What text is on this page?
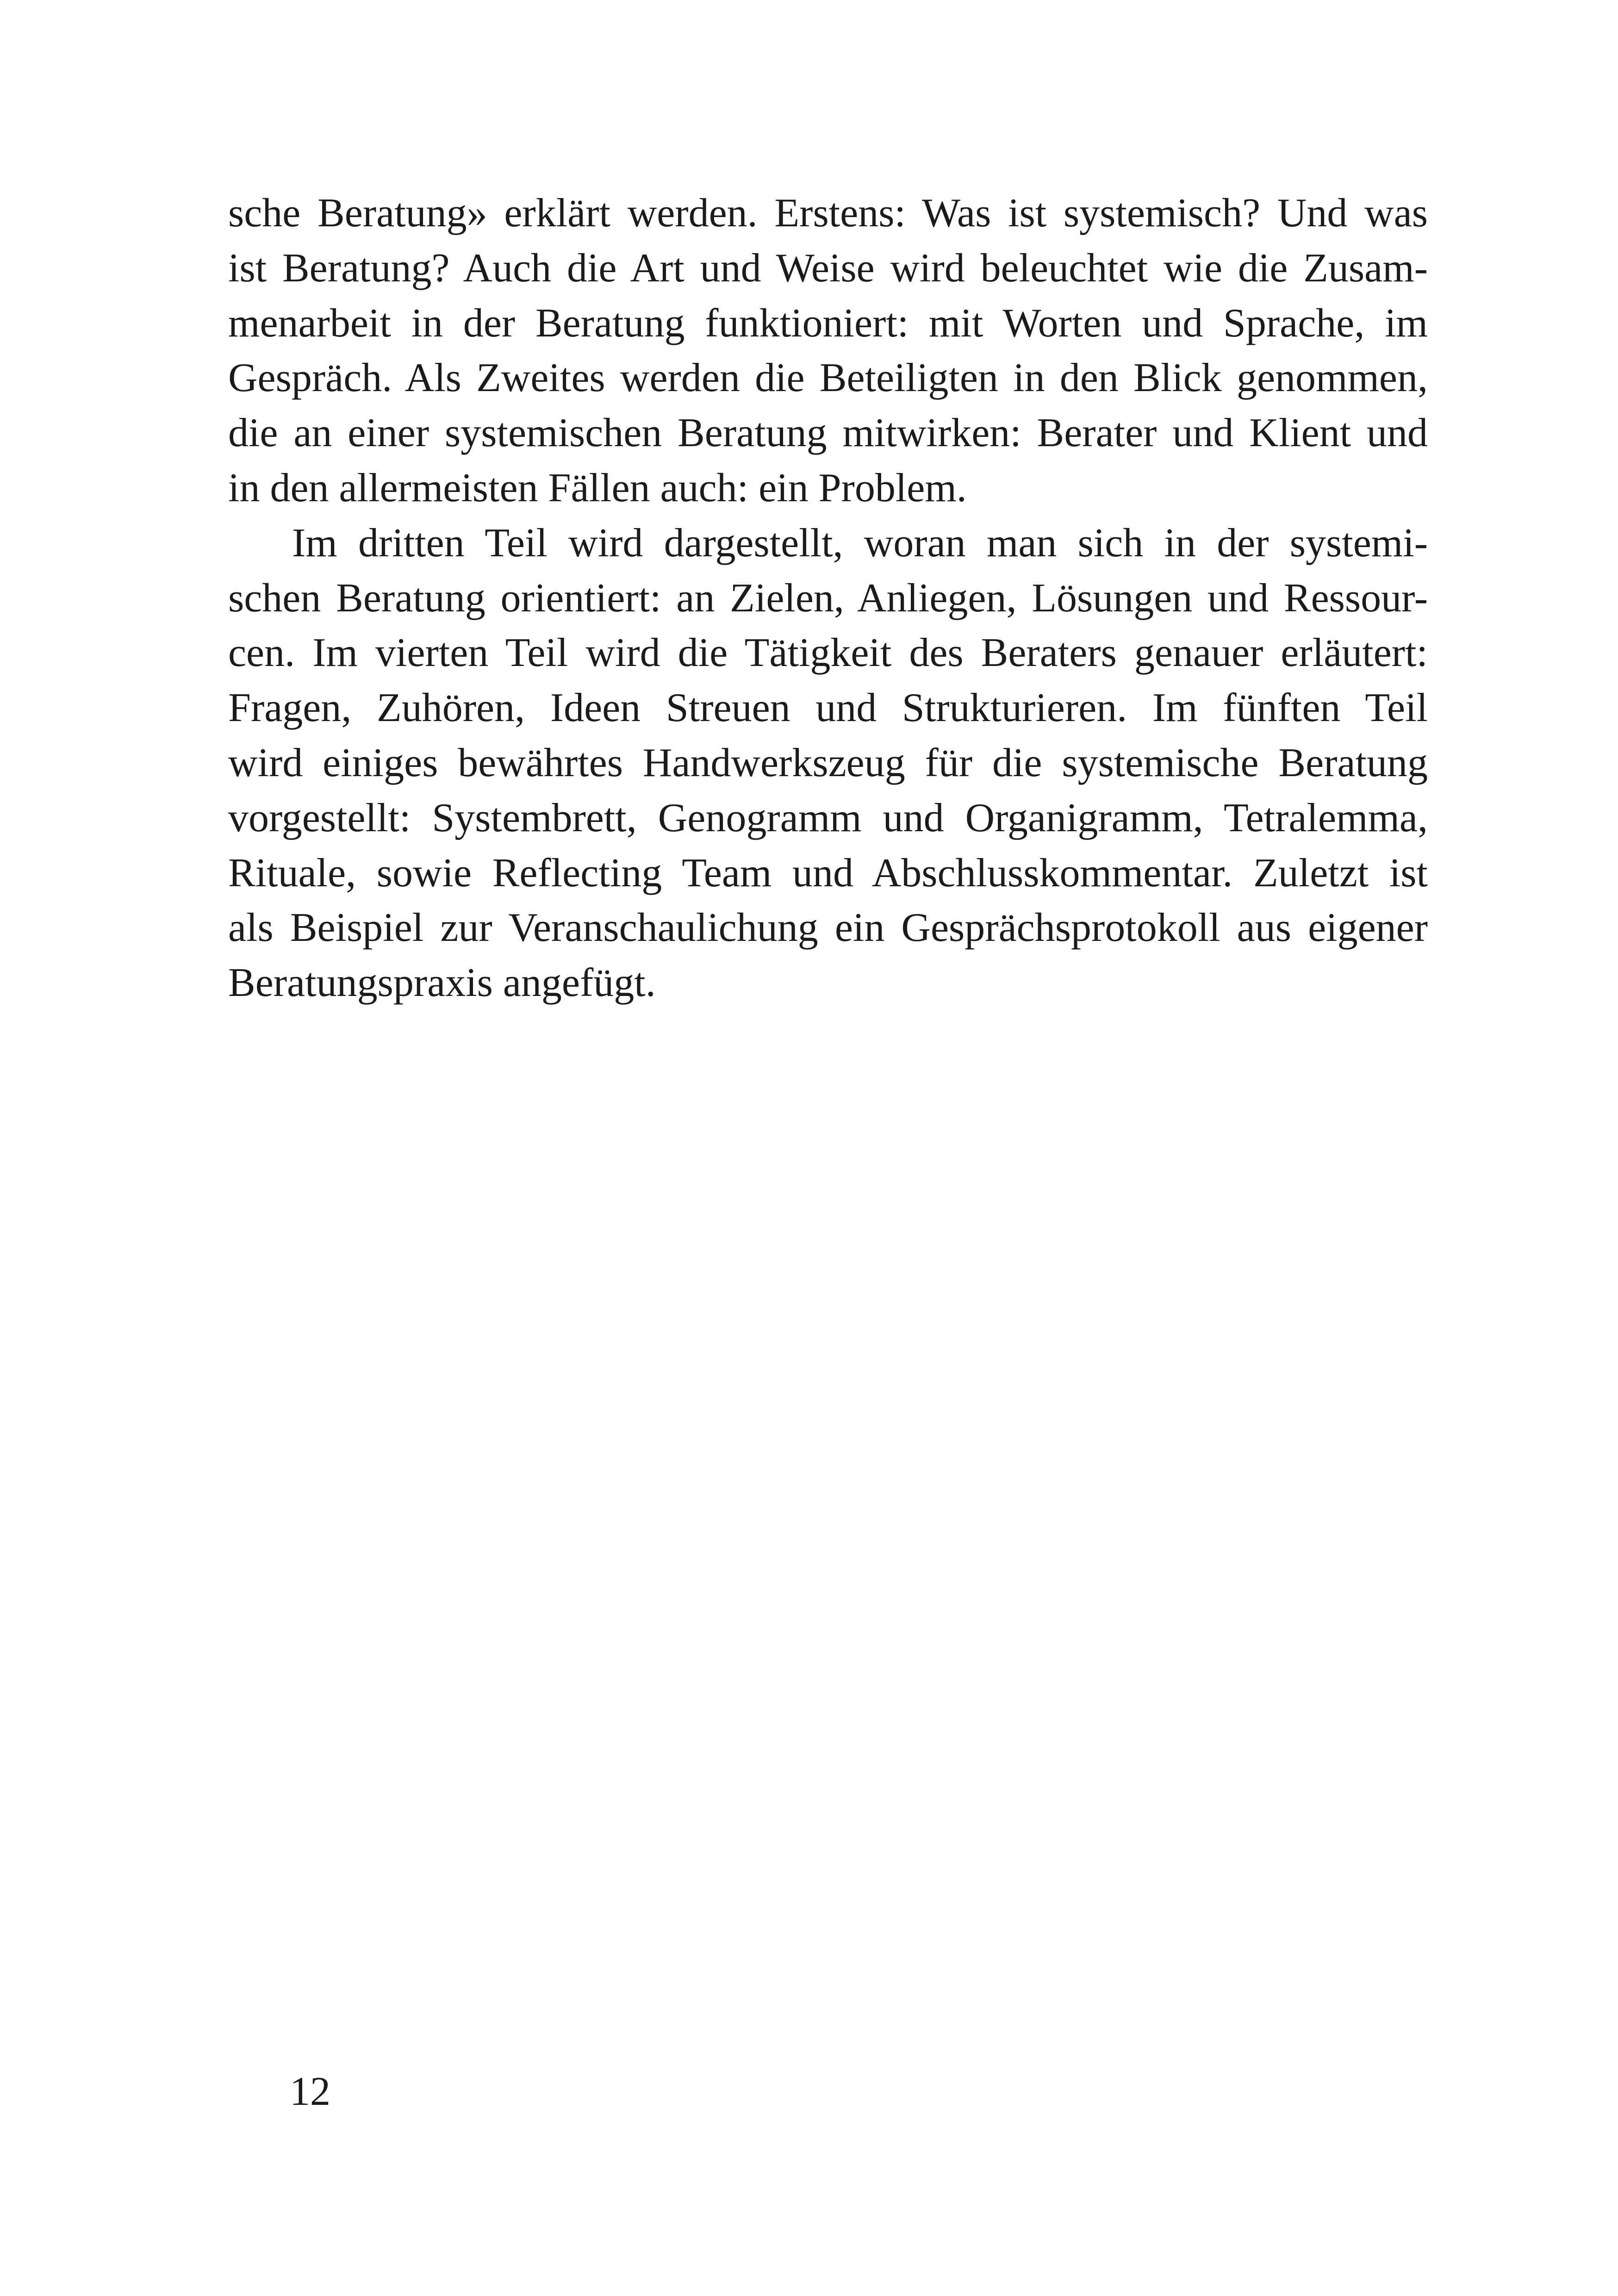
sche Beratung» erklärt werden. Erstens: Was ist systemisch? Und was
ist Beratung? Auch die Art und Weise wird beleuchtet wie die Zusam-
menarbeit in der Beratung funktioniert: mit Worten und Sprache, im
Gespräch. Als Zweites werden die Beteiligten in den Blick genommen,
die an einer systemischen Beratung mitwirken: Berater und Klient und
in den allermeisten Fällen auch: ein Problem.
Im dritten Teil wird dargestellt, woran man sich in der systemi-
schen Beratung orientiert: an Zielen, Anliegen, Lösungen und Ressour-
cen. Im vierten Teil wird die Tätigkeit des Beraters genauer erläutert:
Fragen, Zuhören, Ideen Streuen und Strukturieren. Im fünften Teil
wird einiges bewährtes Handwerkszeug für die systemische Beratung
vorgestellt: Systembrett, Genogramm und Organigramm, Tetralemma,
Rituale, sowie Reflecting Team und Abschlusskommentar. Zuletzt ist
als Beispiel zur Veranschaulichung ein Gesprächsprotokoll aus eigener
Beratungspraxis angefügt.
12
